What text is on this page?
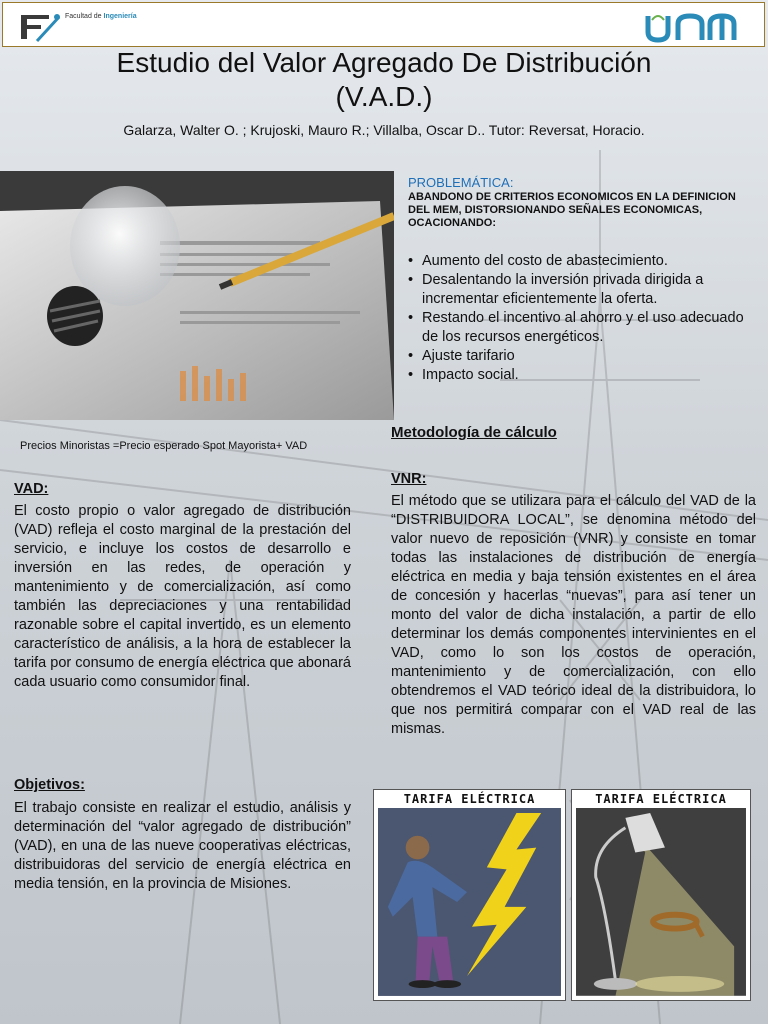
Facultad de Ingeniería
Estudio del Valor Agregado De Distribución
(V.A.D.)
Galarza, Walter O. ; Krujoski, Mauro R.; Villalba, Oscar D.. Tutor: Reversat, Horacio.
PROBLEMÁTICA:
ABANDONO DE CRITERIOS ECONOMICOS EN LA DEFINICION DEL MEM, DISTORSIONANDO SEÑALES ECONOMICAS, OCACIONANDO:
• Aumento del costo de abastecimiento.
• Desalentando la inversión privada dirigida a incrementar eficientemente la oferta.
• Restando el incentivo al ahorro y el uso adecuado de los recursos energéticos.
• Ajuste tarifario
• Impacto social.
Precios Minoristas =Precio esperado Spot Mayorista+ VAD
Metodología de cálculo
VAD:

El costo propio o valor agregado de distribución (VAD) refleja el costo marginal de la prestación del servicio, e incluye los costos de desarrollo e inversión en las redes, de operación y mantenimiento y de comercialización, así como también las depreciaciones y una rentabilidad razonable sobre el capital invertido, es un elemento característico de análisis, a la hora de establecer la tarifa por consumo de energía eléctrica que abonará cada usuario como consumidor final.

Objetivos:

El trabajo consiste en realizar el estudio, análisis y determinación del “valor agregado de distribución” (VAD), en una de las nueve cooperativas eléctricas, distribuidoras del servicio de energía eléctrica en media tensión, en la provincia de Misiones.

VNR:

El método que se utilizara para el cálculo del VAD de la “DISTRIBUIDORA LOCAL”, se denomina método del valor nuevo de reposición (VNR) y consiste en tomar todas las instalaciones de distribución de energía eléctrica en media y baja tensión existentes en el área de concesión y hacerlas “nuevas”, para así tener un monto del valor de dicha instalación, a partir de ello determinar los demás componentes intervinientes en el VAD, como lo son los costos de operación, mantenimiento y de comercialización, con ello obtendremos el VAD teórico ideal de la distribuidora, lo que nos permitirá comparar con el VAD real de las mismas.

TARIFA ELÉCTRICA	TARIFA ELÉCTRICA
